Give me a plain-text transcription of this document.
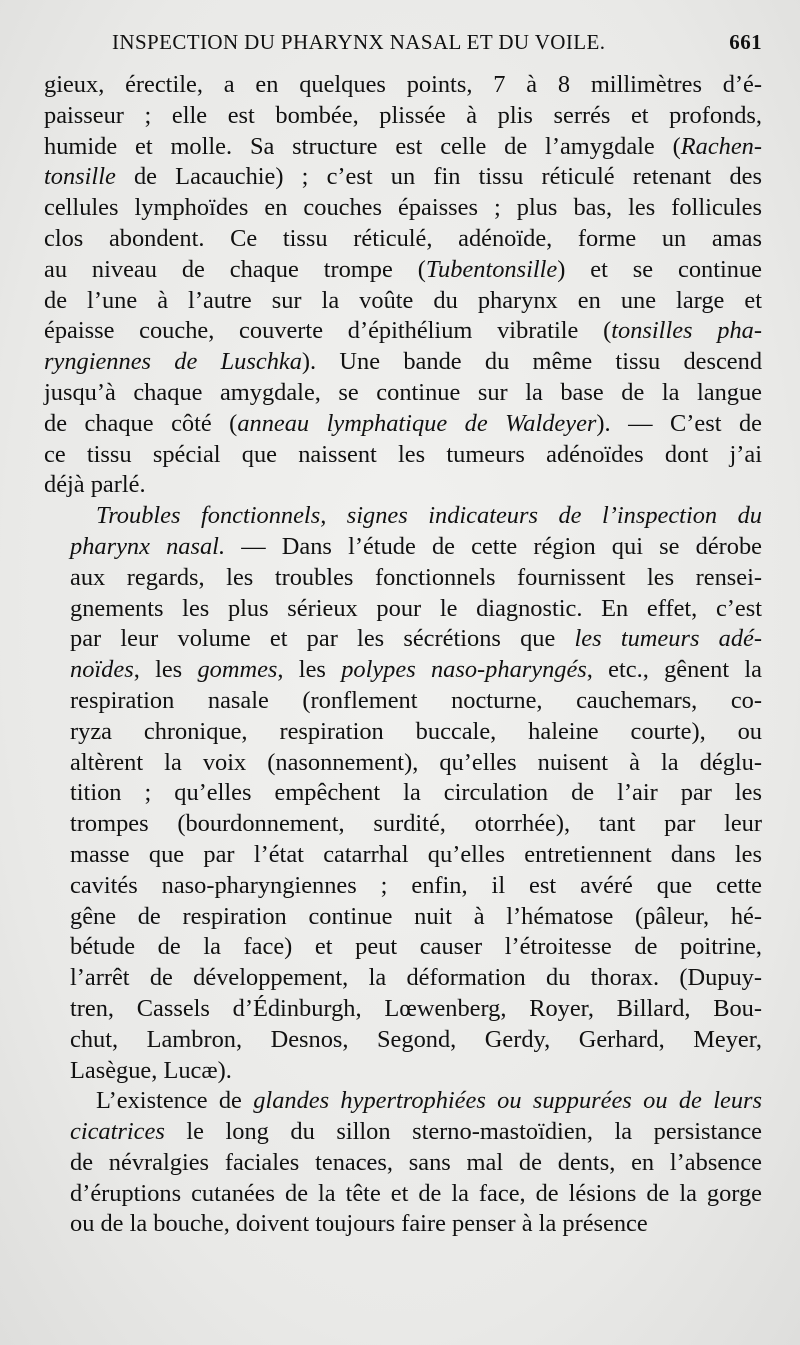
INSPECTION DU PHARYNX NASAL ET DU VOILE.	661

gieux, érectile, a en quelques points, 7 à 8 millimètres d’é-
paisseur ; elle est bombée, plissée à plis serrés et profonds,
humide et molle. Sa structure est celle de l’amygdale (Rachen-
tonsille de Lacauchie) ; c’est un fin tissu réticulé retenant des
cellules lymphoïdes en couches épaisses ; plus bas, les follicules
clos abondent. Ce tissu réticulé, adénoïde, forme un amas
au niveau de chaque trompe (Tubentonsille) et se continue
de l’une à l’autre sur la voûte du pharynx en une large et
épaisse couche, couverte d’épithélium vibratile (tonsilles pha-
ryngiennes de Luschka). Une bande du même tissu descend
jusqu’à chaque amygdale, se continue sur la base de la langue
de chaque côté (anneau lymphatique de Waldeyer). — C’est de
ce tissu spécial que naissent les tumeurs adénoïdes dont j’ai
déjà parlé.

Troubles fonctionnels, signes indicateurs de l’inspection du
pharynx nasal. — Dans l’étude de cette région qui se dérobe
aux regards, les troubles fonctionnels fournissent les rensei-
gnements les plus sérieux pour le diagnostic. En effet, c’est
par leur volume et par les sécrétions que les tumeurs adé-
noïdes, les gommes, les polypes naso-pharyngés, etc., gênent la
respiration nasale (ronflement nocturne, cauchemars, co-
ryza chronique, respiration buccale, haleine courte), ou
altèrent la voix (nasonnement), qu’elles nuisent à la déglu-
tition ; qu’elles empêchent la circulation de l’air par les
trompes (bourdonnement, surdité, otorrhée), tant par leur
masse que par l’état catarrhal qu’elles entretiennent dans les
cavités naso-pharyngiennes ; enfin, il est avéré que cette
gêne de respiration continue nuit à l’hématose (pâleur, hé-
bétude de la face) et peut causer l’étroitesse de poitrine,
l’arrêt de développement, la déformation du thorax. (Dupuy-
tren, Cassels d’Édinburgh, Lœwenberg, Royer, Billard, Bou-
chut, Lambron, Desnos, Segond, Gerdy, Gerhard, Meyer,
Lasègue, Lucæ).

L’existence de glandes hypertrophiées ou suppurées ou de leurs
cicatrices le long du sillon sterno-mastoïdien, la persistance
de névralgies faciales tenaces, sans mal de dents, en l’absence
d’éruptions cutanées de la tête et de la face, de lésions de la gorge
ou de la bouche, doivent toujours faire penser à la présence
